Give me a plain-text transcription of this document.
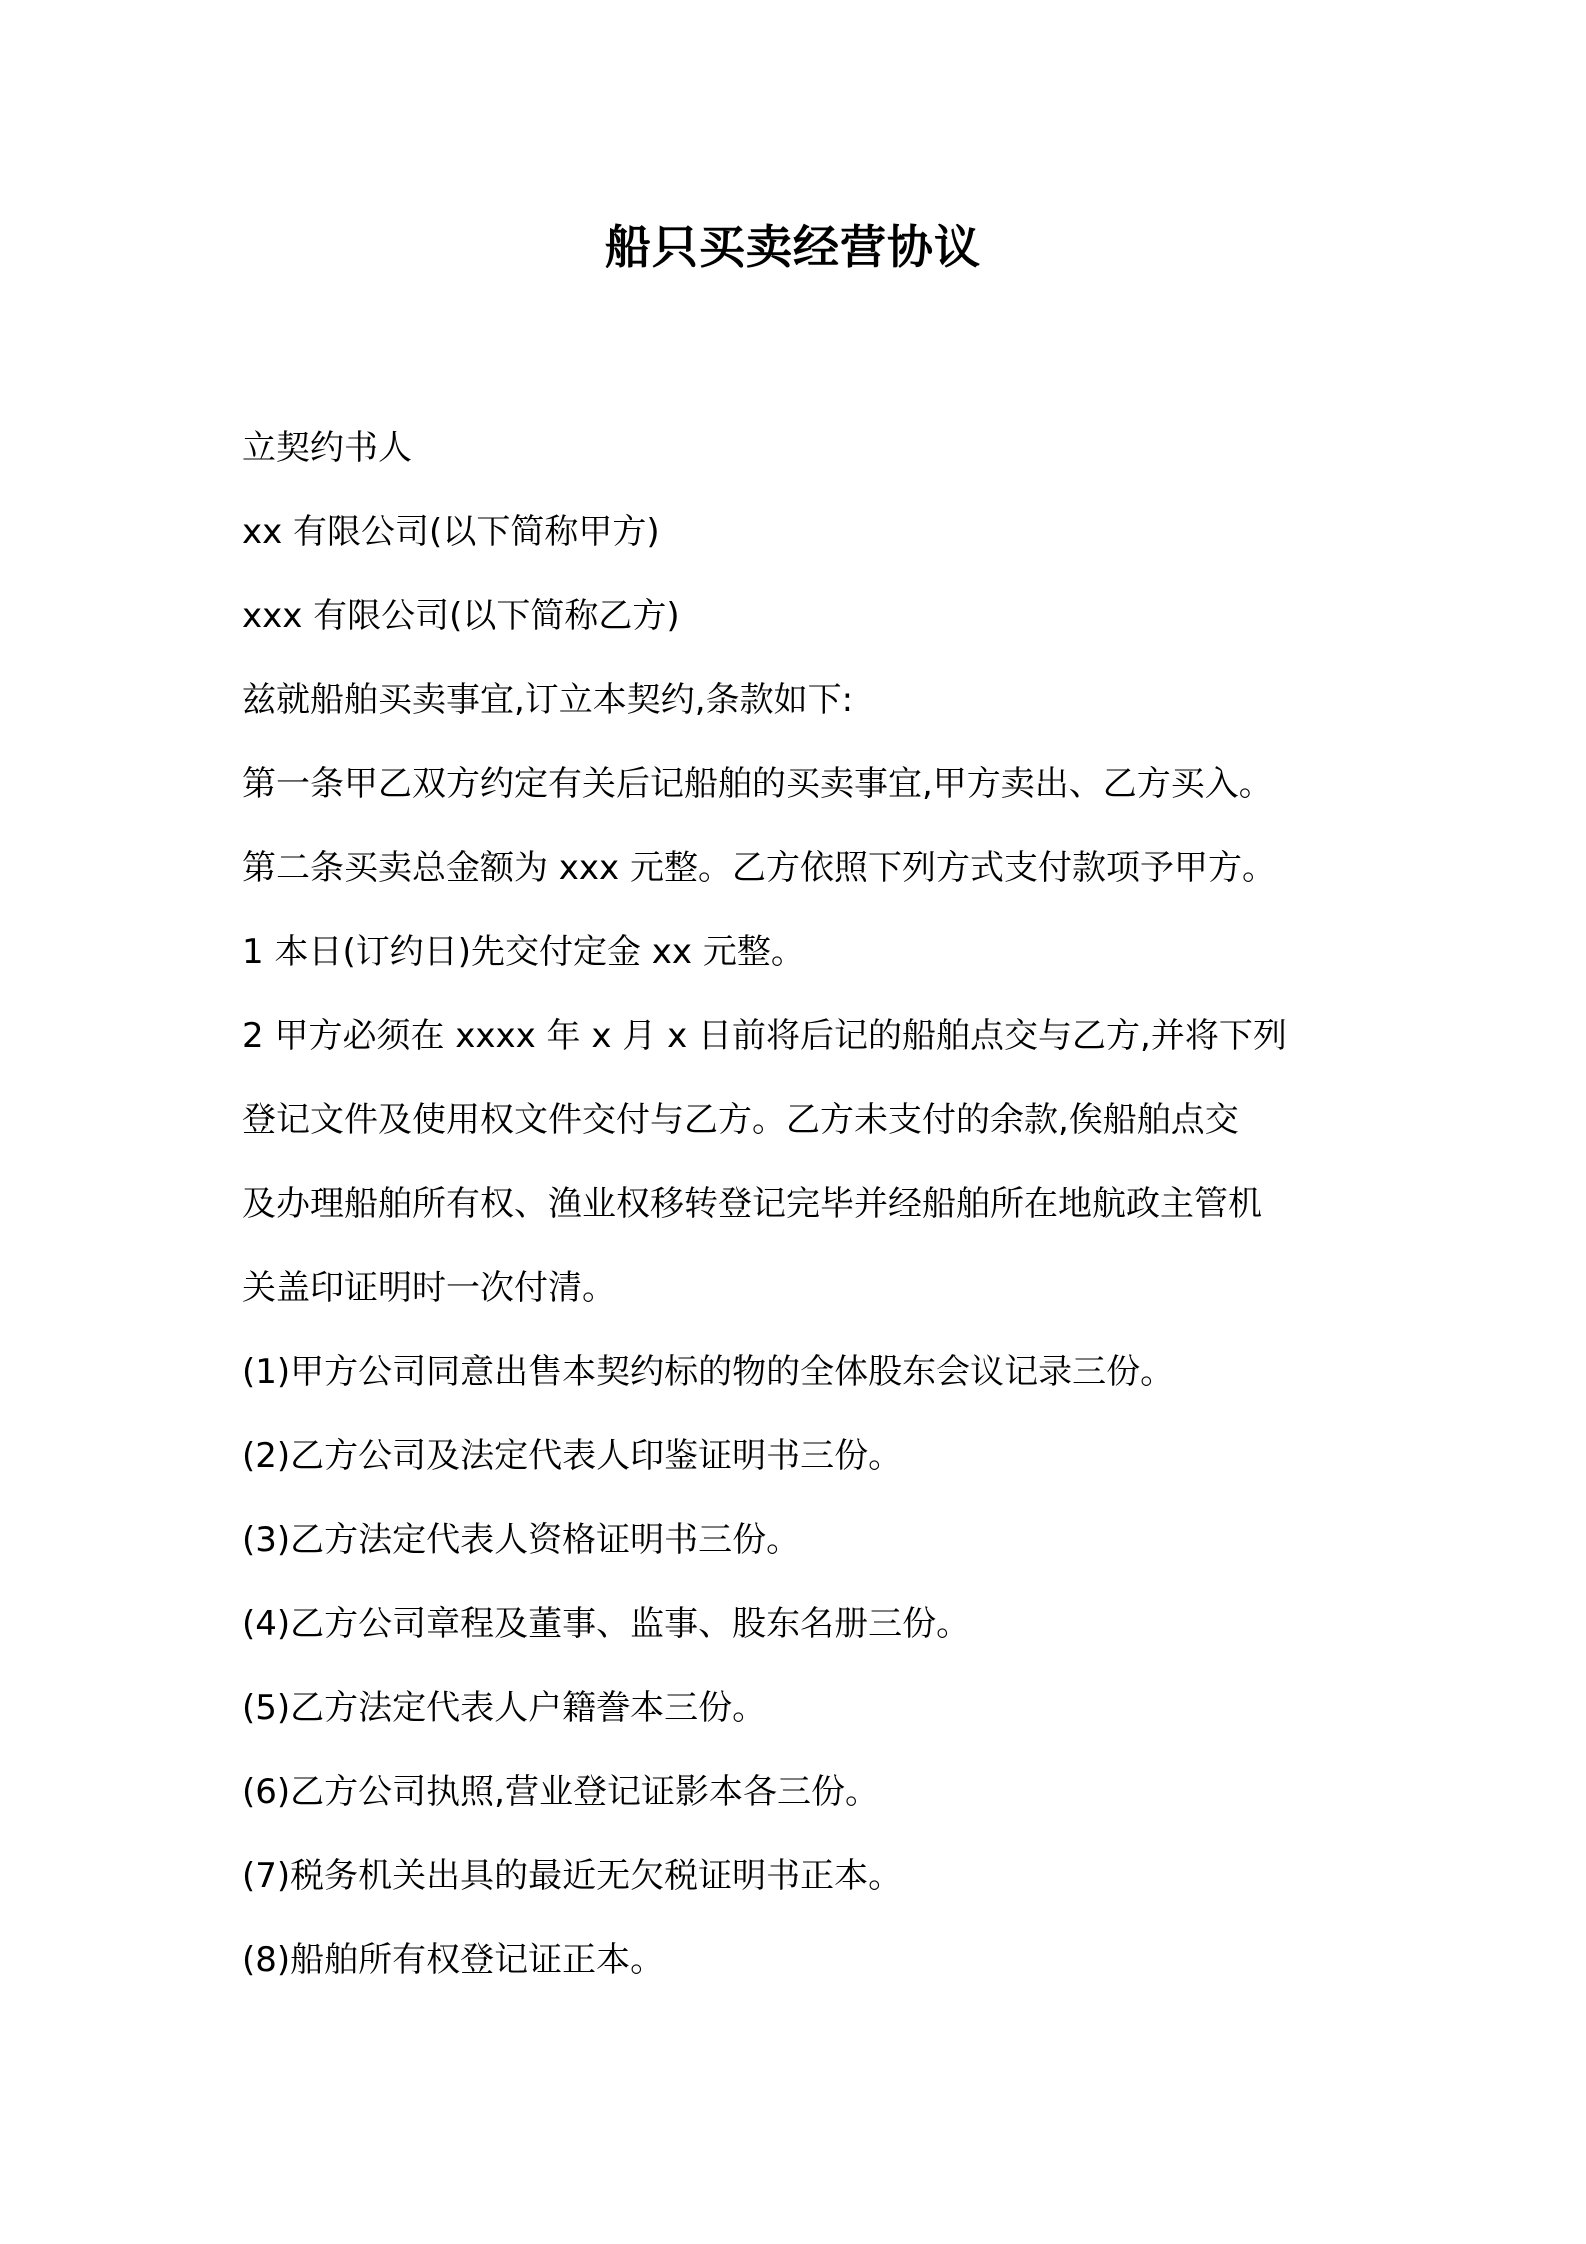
船只买卖经营协议
立契约书人
xx 有限公司(以下简称甲方)
xxx 有限公司(以下简称乙方)
兹就船舶买卖事宜,订立本契约,条款如下:
第一条甲乙双方约定有关后记船舶的买卖事宜,甲方卖出、乙方买入。
第二条买卖总金额为 xxx 元整。乙方依照下列方式支付款项予甲方。
1 本日(订约日)先交付定金 xx 元整。
2 甲方必须在 xxxx 年 x 月 x 日前将后记的船舶点交与乙方,并将下列
登记文件及使用权文件交付与乙方。乙方未支付的余款,俟船舶点交
及办理船舶所有权、渔业权移转登记完毕并经船舶所在地航政主管机
关盖印证明时一次付清。
(1)甲方公司同意出售本契约标的物的全体股东会议记录三份。
(2)乙方公司及法定代表人印鉴证明书三份。
(3)乙方法定代表人资格证明书三份。
(4)乙方公司章程及董事、监事、股东名册三份。
(5)乙方法定代表人户籍誊本三份。
(6)乙方公司执照,营业登记证影本各三份。
(7)税务机关出具的最近无欠税证明书正本。
(8)船舶所有权登记证正本。
